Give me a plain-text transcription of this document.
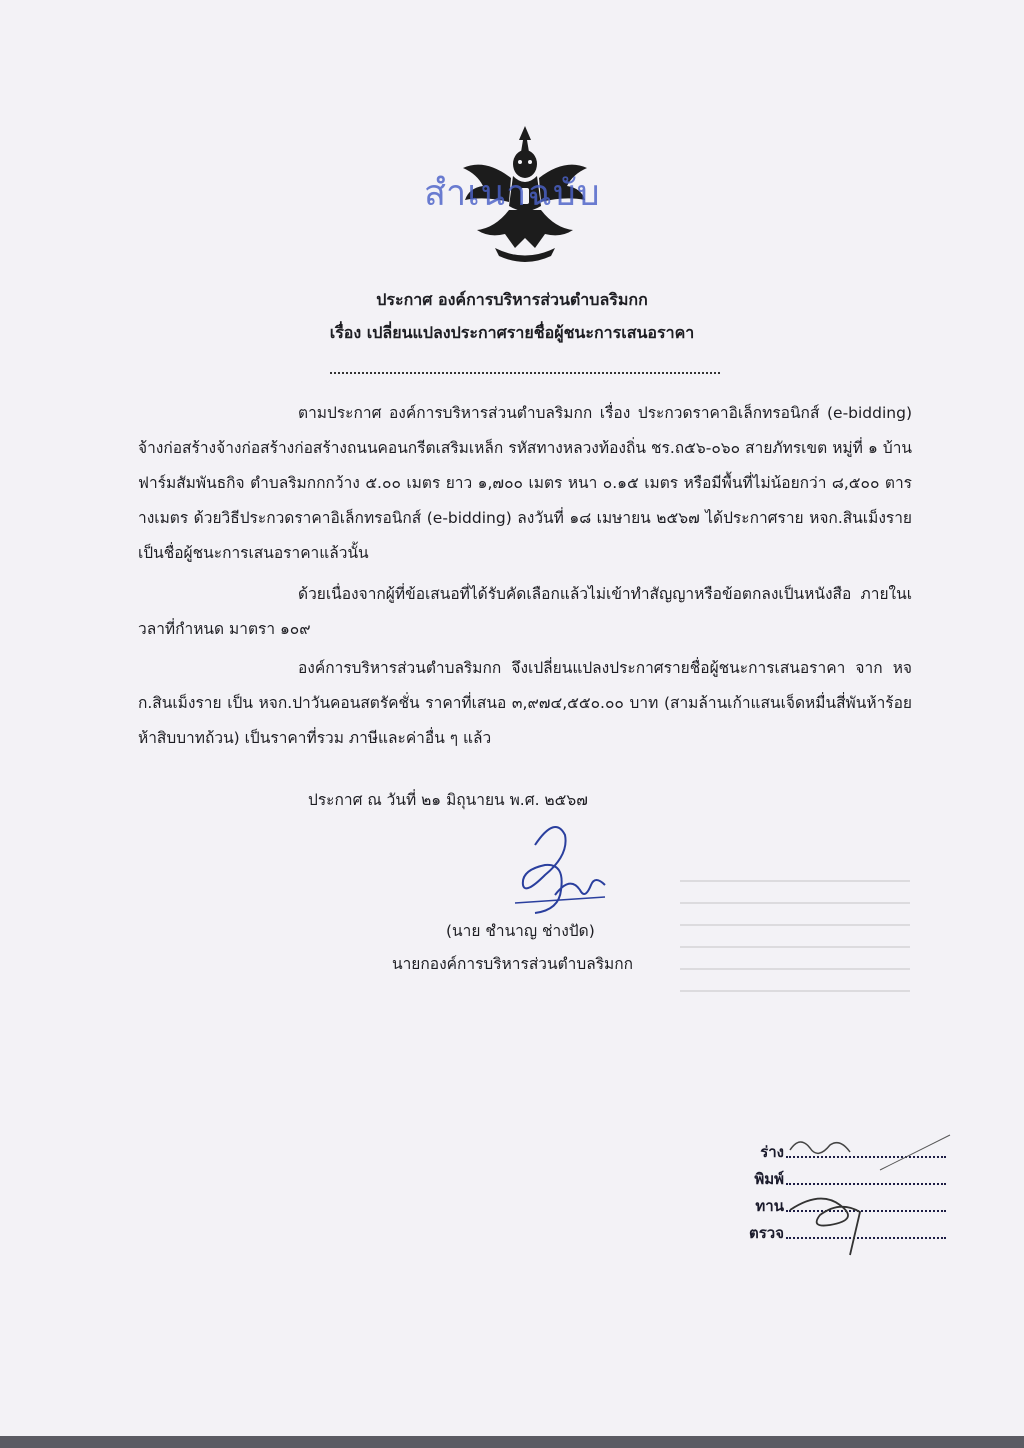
สำเนาฉบับ
ประกาศ องค์การบริหารส่วนตำบลริมกก
เรื่อง เปลี่ยนแปลงประกาศรายชื่อผู้ชนะการเสนอราคา

ตามประกาศ องค์การบริหารส่วนตำบลริมกก เรื่อง ประกวดราคาอิเล็กทรอนิกส์ (e-bidding) จ้างก่อสร้างจ้างก่อสร้างก่อสร้างถนนคอนกรีตเสริมเหล็ก รหัสทางหลวงท้องถิ่น ชร.ถ๕๖-๐๖๐ สายภัทรเขต หมู่ที่ ๑ บ้านฟาร์มสัมพันธกิจ ตำบลริมกกกว้าง ๕.๐๐ เมตร ยาว ๑,๗๐๐ เมตร หนา ๐.๑๕ เมตร หรือมีพื้นที่ไม่น้อยกว่า ๘,๕๐๐ ตารางเมตร ด้วยวิธีประกวดราคาอิเล็กทรอนิกส์ (e-bidding) ลงวันที่ ๑๘ เมษายน ๒๕๖๗ ได้ประกาศราย หจก.สินเม็งราย เป็นชื่อผู้ชนะการเสนอราคาแล้วนั้น

ด้วยเนื่องจากผู้ที่ข้อเสนอที่ได้รับคัดเลือกแล้วไม่เข้าทำสัญญาหรือข้อตกลงเป็นหนังสือ ภายในเวลาที่กำหนด มาตรา ๑๐๙

องค์การบริหารส่วนตำบลริมกก จึงเปลี่ยนแปลงประกาศรายชื่อผู้ชนะการเสนอราคา จาก หจก.สินเม็งราย เป็น หจก.ปาวันคอนสตรัคชั่น ราคาที่เสนอ ๓,๙๗๔,๕๕๐.๐๐ บาท (สามล้านเก้าแสนเจ็ดหมื่นสี่พันห้าร้อยห้าสิบบาทถ้วน) เป็นราคาที่รวม ภาษีและค่าอื่น ๆ แล้ว

ประกาศ ณ วันที่ ๒๑ มิถุนายน พ.ศ. ๒๕๖๗
(นาย ชำนาญ ช่างปัด)
นายกองค์การบริหารส่วนตำบลริมกก
ร่าง
พิมพ์
ทาน
ตรวจ
